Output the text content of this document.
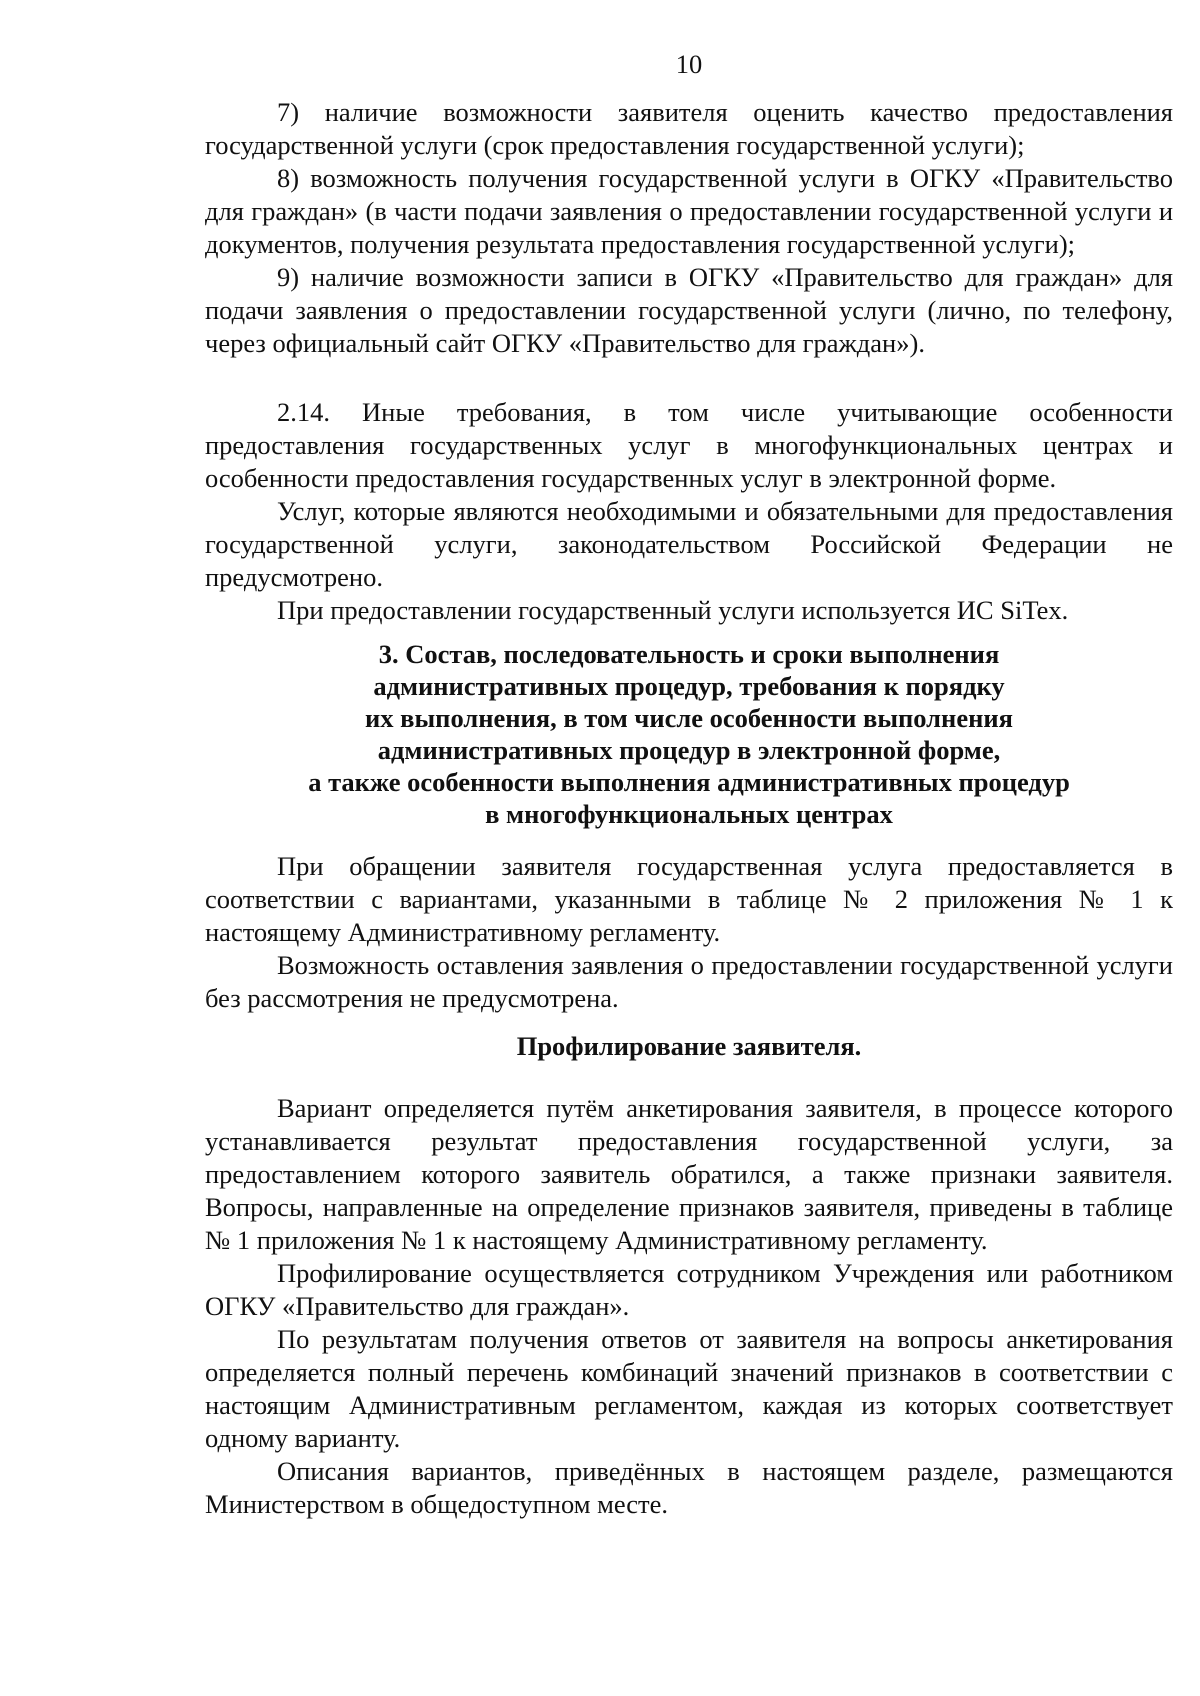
10

7) наличие возможности заявителя оценить качество предоставления государственной услуги (срок предоставления государственной услуги);

8) возможность получения государственной услуги в ОГКУ «Правительство для граждан» (в части подачи заявления о предоставлении государственной услуги и документов, получения результата предоставления государственной услуги);

9) наличие возможности записи в ОГКУ «Правительство для граждан» для подачи заявления о предоставлении государственной услуги (лично, по телефону, через официальный сайт ОГКУ «Правительство для граждан»).

2.14. Иные требования, в том числе учитывающие особенности предоставления государственных услуг в многофункциональных центрах и особенности предоставления государственных услуг в электронной форме.

Услуг, которые являются необходимыми и обязательными для предоставления государственной услуги, законодательством Российской Федерации не предусмотрено.

При предоставлении государственный услуги используется ИС SiTex.

3. Состав, последовательность и сроки выполнения
административных процедур, требования к порядку
их выполнения, в том числе особенности выполнения
административных процедур в электронной форме,
а также особенности выполнения административных процедур
в многофункциональных центрах

При обращении заявителя государственная услуга предоставляется в соответствии с вариантами, указанными в таблице № 2 приложения № 1 к настоящему Административному регламенту.

Возможность оставления заявления о предоставлении государственной услуги без рассмотрения не предусмотрена.

Профилирование заявителя.

Вариант определяется путём анкетирования заявителя, в процессе которого устанавливается результат предоставления государственной услуги, за предоставлением которого заявитель обратился, а также признаки заявителя. Вопросы, направленные на определение признаков заявителя, приведены в таблице № 1 приложения № 1 к настоящему Административному регламенту.

Профилирование осуществляется сотрудником Учреждения или работником ОГКУ «Правительство для граждан».

По результатам получения ответов от заявителя на вопросы анкетирования определяется полный перечень комбинаций значений признаков в соответствии с настоящим Административным регламентом, каждая из которых соответствует одному варианту.

Описания вариантов, приведённых в настоящем разделе, размещаются Министерством в общедоступном месте.
